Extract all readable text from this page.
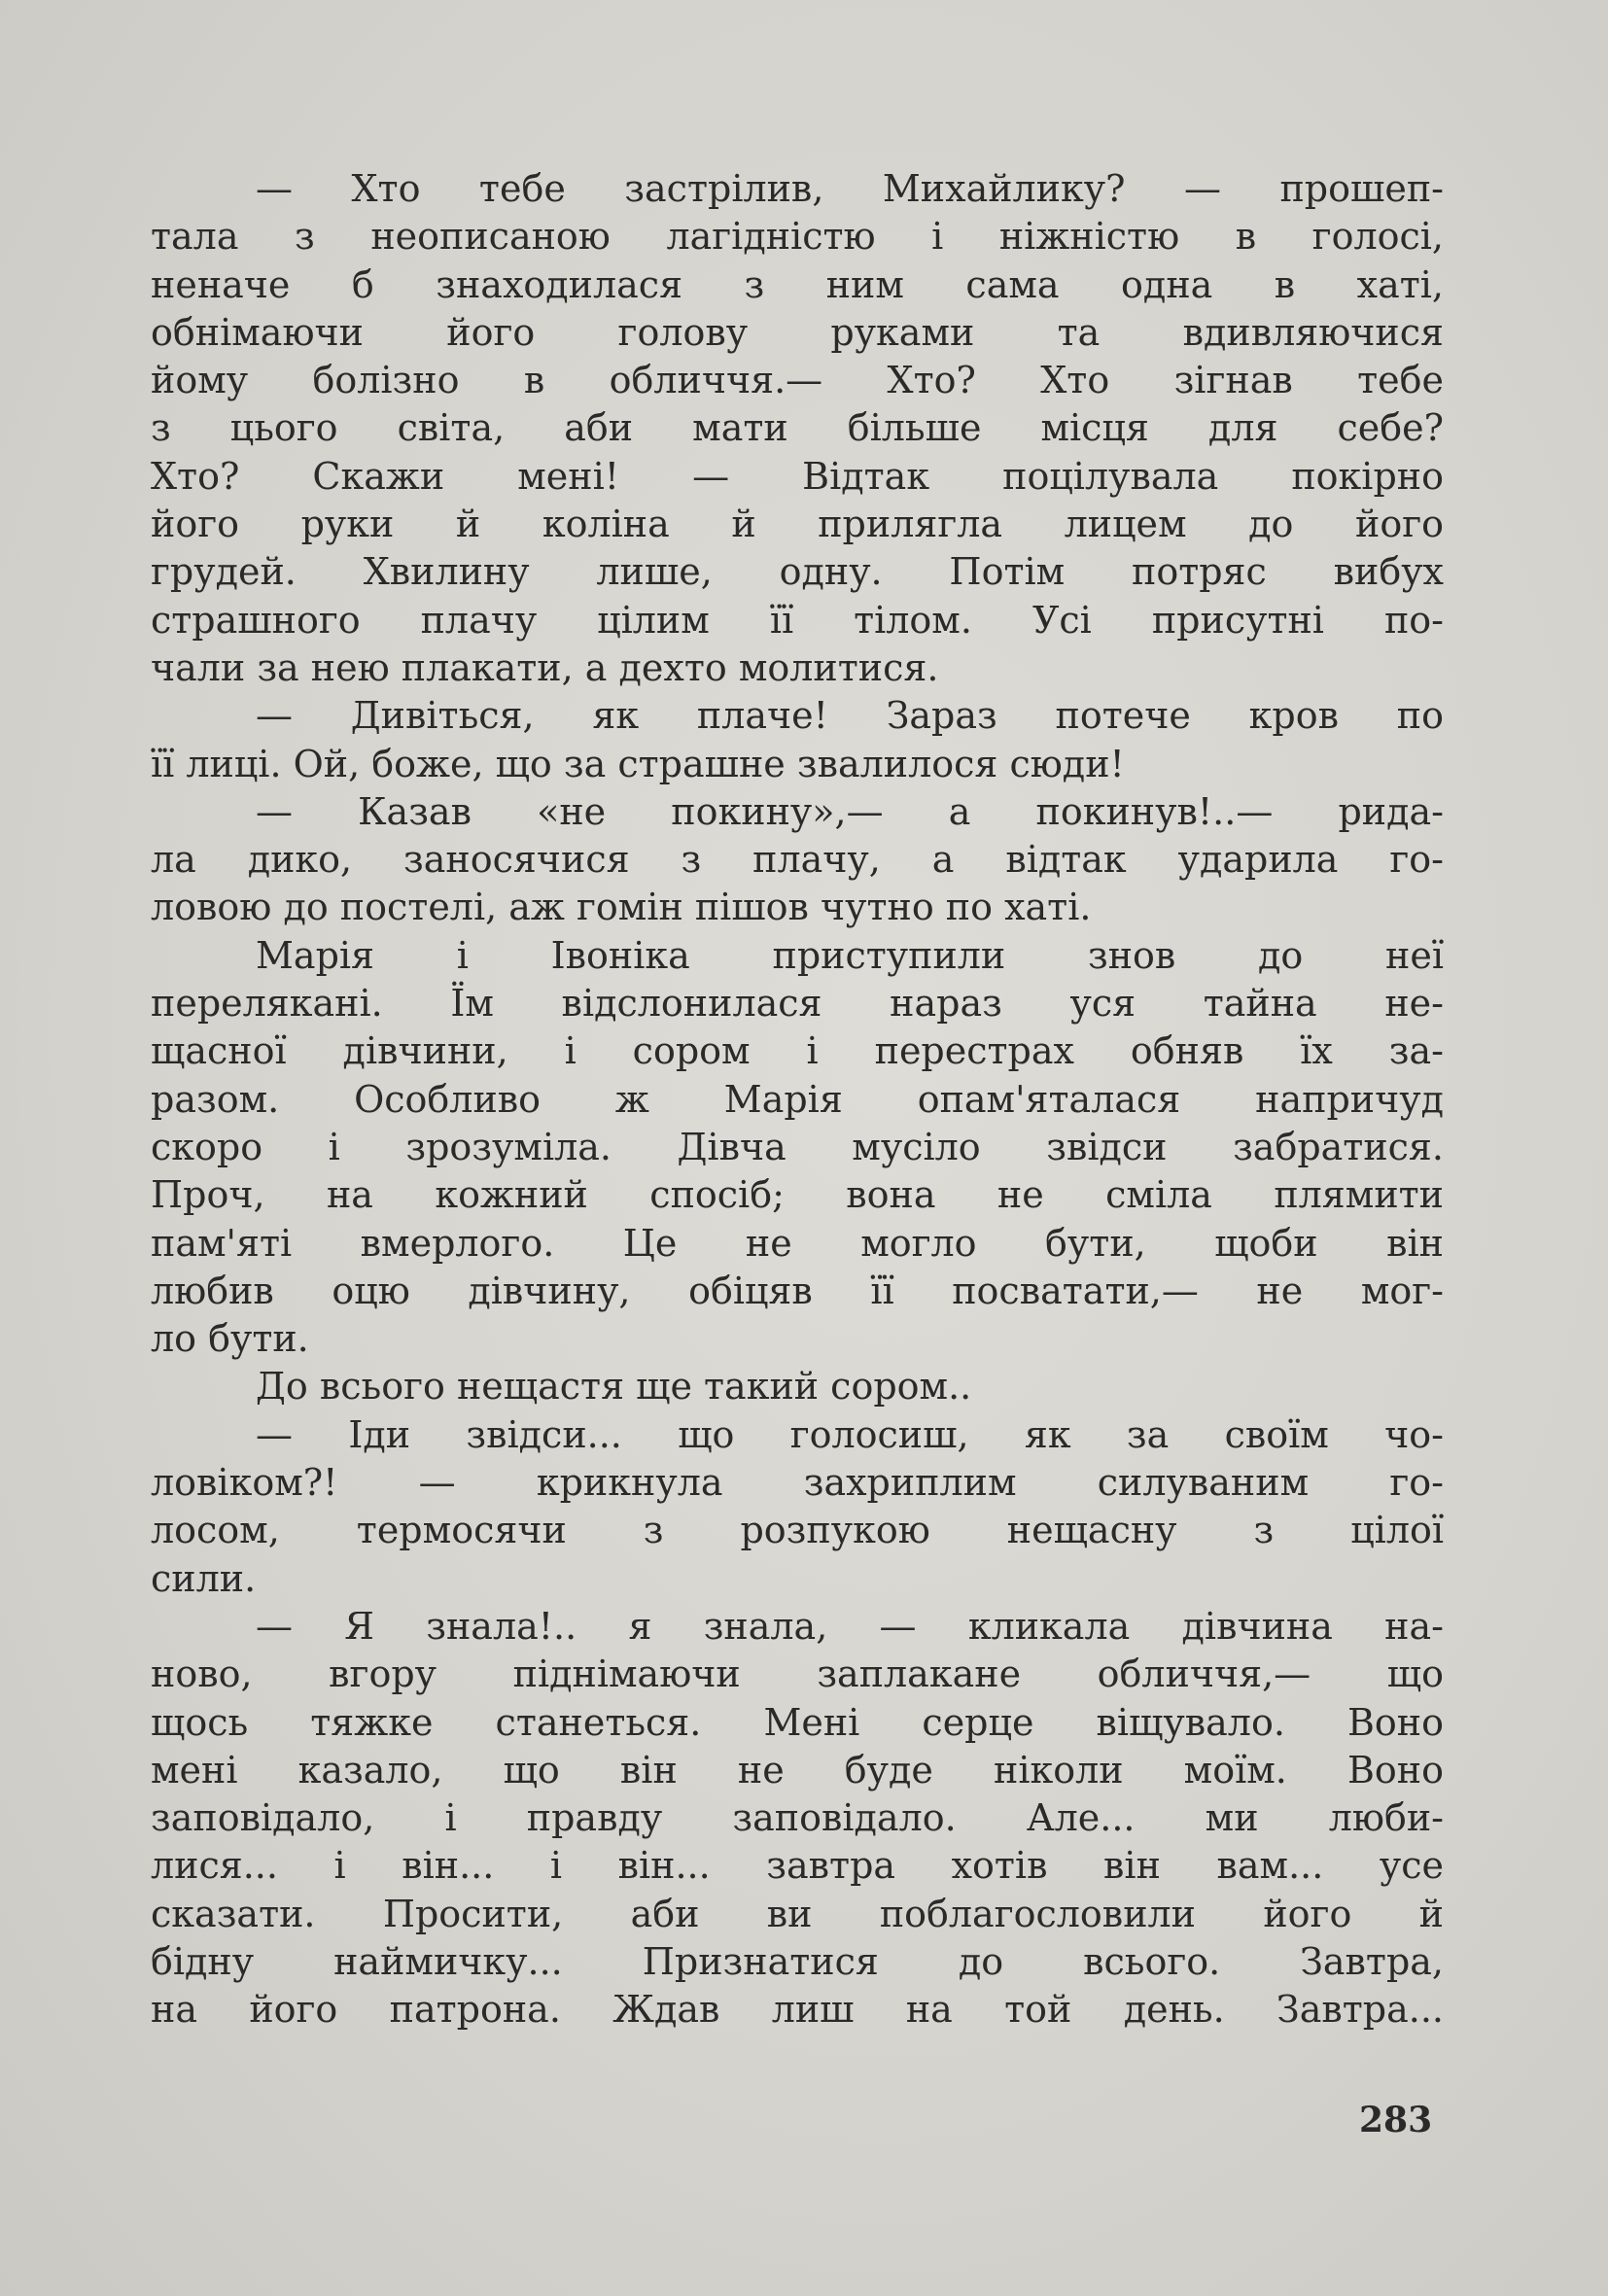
— Хто тебе застрілив, Михайлику? — прошеп-
тала з неописаною лагідністю і ніжністю в голосі,
неначе б знаходилася з ним сама одна в хаті,
обнімаючи його голову руками та вдивляючися
йому болізно в обличчя.— Хто? Хто зігнав тебе
з цього світа, аби мати більше місця для себе?
Хто? Скажи мені! — Відтак поцілувала покірно
його руки й коліна й прилягла лицем до його
грудей. Хвилину лише, одну. Потім потряс вибух
страшного плачу цілим її тілом. Усі присутні по-
чали за нею плакати, а дехто молитися.
— Дивіться, як плаче! Зараз потече кров по
її лиці. Ой, боже, що за страшне звалилося сюди!
— Казав «не покину»,— а покинув!..— рида-
ла дико, заносячися з плачу, а відтак ударила го-
ловою до постелі, аж гомін пішов чутно по хаті.
Марія і Івоніка приступили знов до неї
перелякані. Їм відслонилася нараз уся тайна не-
щасної дівчини, і сором і перестрах обняв їх за-
разом. Особливо ж Марія опам'яталася напричуд
скоро і зрозуміла. Дівча мусіло звідси забратися.
Проч, на кожний спосіб; вона не сміла плямити
пам'яті вмерлого. Це не могло бути, щоби він
любив оцю дівчину, обіцяв її посватати,— не мог-
ло бути.
До всього нещастя ще такий сором..
— Іди звідси... що голосиш, як за своїм чо-
ловіком?! — крикнула захриплим силуваним го-
лосом, термосячи з розпукою нещасну з цілої
сили.
— Я знала!.. я знала, — кликала дівчина на-
ново, вгору піднімаючи заплакане обличчя,— що
щось тяжке станеться. Мені серце віщувало. Воно
мені казало, що він не буде ніколи моїм. Воно
заповідало, і правду заповідало. Але... ми люби-
лися... і він... і він... завтра хотів він вам... усе
сказати. Просити, аби ви поблагословили його й
бідну наймичку... Признатися до всього. Завтра,
на його патрона. Ждав лиш на той день. Завтра...
283
